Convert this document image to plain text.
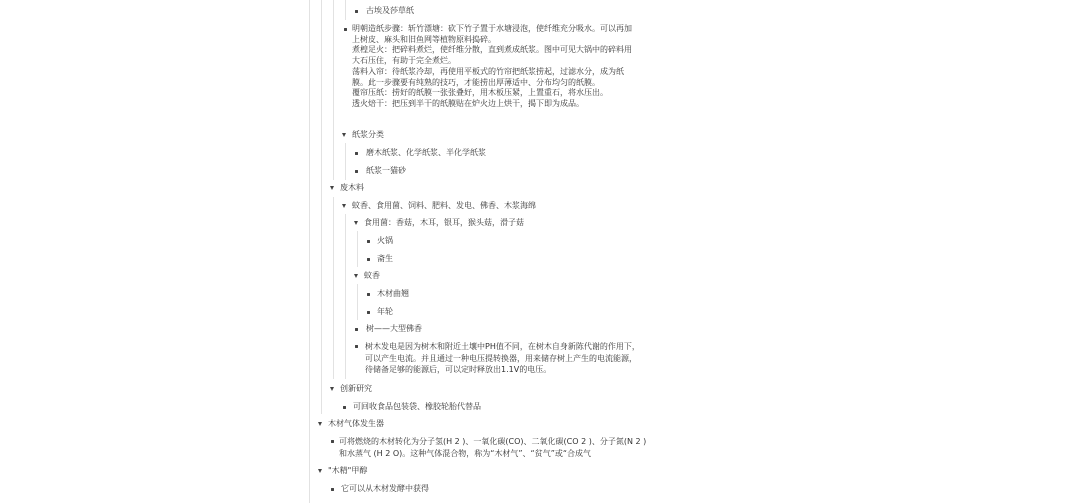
古埃及莎草纸
明朝造纸步骤：斩竹漂塘：砍下竹子置于水塘浸泡，使纤维充分吸水。可以再加
上树皮、麻头和旧鱼网等植物原料捣碎。
煮楻足火：把碎料煮烂，使纤维分散，直到煮成纸浆。图中可见大锅中的碎料用
大石压住，有助于完全煮烂。
荡料入帘：待纸浆冷却，再使用平板式的竹帘把纸浆捞起，过滤水分，成为纸
膜。此一步骤要有纯熟的技巧，才能捞出厚薄适中、分布均匀的纸膜。
覆帘压纸：捞好的纸膜一张张叠好，用木板压紧，上置重石，将水压出。
透火焙干：把压到半干的纸膜贴在炉火边上烘干，揭下即为成品。
纸浆分类
磨木纸浆、化学纸浆、半化学纸浆
纸浆一猫砂
废木料
蚊香、食用菌、饲料、肥料、发电、佛香、木浆海绵
食用菌：香菇，木耳，银耳，猴头菇，滑子菇
火锅
斋生
蚊香
木材曲翘
年轮
树——大型佛香
树木发电是因为树木和附近土壤中PH值不同，在树木自身新陈代谢的作用下，
可以产生电流。并且通过一种电压提转换器，用来储存树上产生的电流能源，
待储备足够的能源后，可以定时释放出1.1V的电压。
创新研究
可回收食品包装袋、橡胶轮胎代替品
木材气体发生器
可将燃烧的木材转化为分子氢(H 2 )、一氧化碳(CO)、二氧化碳(CO 2 )、分子氮(N 2 )
和水蒸气 (H 2 O)。这种气体混合物，称为“木材气”、“贫气”或“合成气
"木精"甲醇
它可以从木材发酵中获得
